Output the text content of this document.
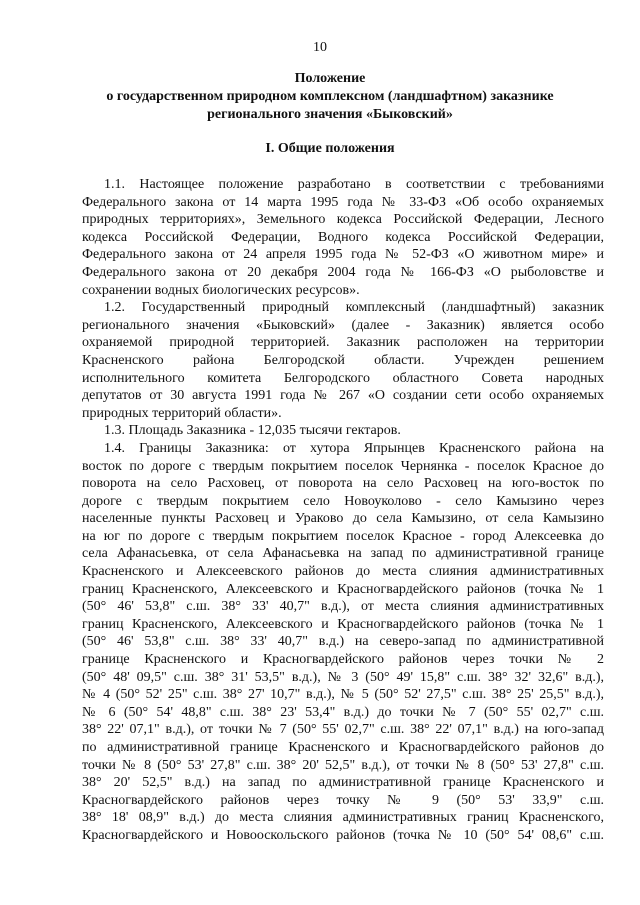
10
Положение
о государственном природном комплексном (ландшафтном) заказнике
регионального значения «Быковский»
I. Общие положения
1.1. Настоящее положение разработано в соответствии с требованиями
Федерального закона от 14 марта 1995 года № 33-ФЗ «Об особо охраняемых
природных территориях», Земельного кодекса Российской Федерации, Лесного
кодекса Российской Федерации, Водного кодекса Российской Федерации,
Федерального закона от 24 апреля 1995 года № 52-ФЗ «О животном мире» и
Федерального закона от 20 декабря 2004 года № 166-ФЗ «О рыболовстве и
сохранении водных биологических ресурсов».
1.2. Государственный природный комплексный (ландшафтный) заказник
регионального значения «Быковский» (далее - Заказник) является особо
охраняемой природной территорией. Заказник расположен на территории
Красненского района Белгородской области. Учрежден решением
исполнительного комитета Белгородского областного Совета народных
депутатов от 30 августа 1991 года № 267 «О создании сети особо охраняемых
природных территорий области».
1.3. Площадь Заказника - 12,035 тысячи гектаров.
1.4. Границы Заказника: от хутора Япрынцев Красненского района на
восток по дороге с твердым покрытием поселок Чернянка - поселок Красное до
поворота на село Расховец, от поворота на село Расховец на юго-восток по
дороге с твердым покрытием село Новоуколово - село Камызино через
населенные пункты Расховец и Ураково до села Камызино, от села Камызино
на юг по дороге с твердым покрытием поселок Красное - город Алексеевка до
села Афанасьевка, от села Афанасьевка на запад по административной границе
Красненского и Алексеевского районов до места слияния административных
границ Красненского, Алексеевского и Красногвардейского районов (точка № 1
(50° 46' 53,8" с.ш. 38° 33' 40,7" в.д.), от места слияния административных
границ Красненского, Алексеевского и Красногвардейского районов (точка № 1
(50° 46' 53,8" с.ш. 38° 33' 40,7" в.д.) на северо-запад по административной
границе Красненского и Красногвардейского районов через точки № 2
(50° 48' 09,5" с.ш. 38° 31' 53,5" в.д.), № 3 (50° 49' 15,8" с.ш. 38° 32' 32,6" в.д.),
№ 4 (50° 52' 25" с.ш. 38° 27' 10,7" в.д.), № 5 (50° 52' 27,5" с.ш. 38° 25' 25,5" в.д.),
№ 6 (50° 54' 48,8" с.ш. 38° 23' 53,4" в.д.) до точки № 7 (50° 55' 02,7" с.ш.
38° 22' 07,1" в.д.), от точки № 7 (50° 55' 02,7" с.ш. 38° 22' 07,1" в.д.) на юго-запад
по административной границе Красненского и Красногвардейского районов до
точки № 8 (50° 53' 27,8" с.ш. 38° 20' 52,5" в.д.), от точки № 8 (50° 53' 27,8" с.ш.
38° 20' 52,5" в.д.) на запад по административной границе Красненского и
Красногвардейского районов через точку № 9 (50° 53' 33,9" с.ш.
38° 18' 08,9" в.д.) до места слияния административных границ Красненского,
Красногвардейского и Новооскольского районов (точка № 10 (50° 54' 08,6" с.ш.
